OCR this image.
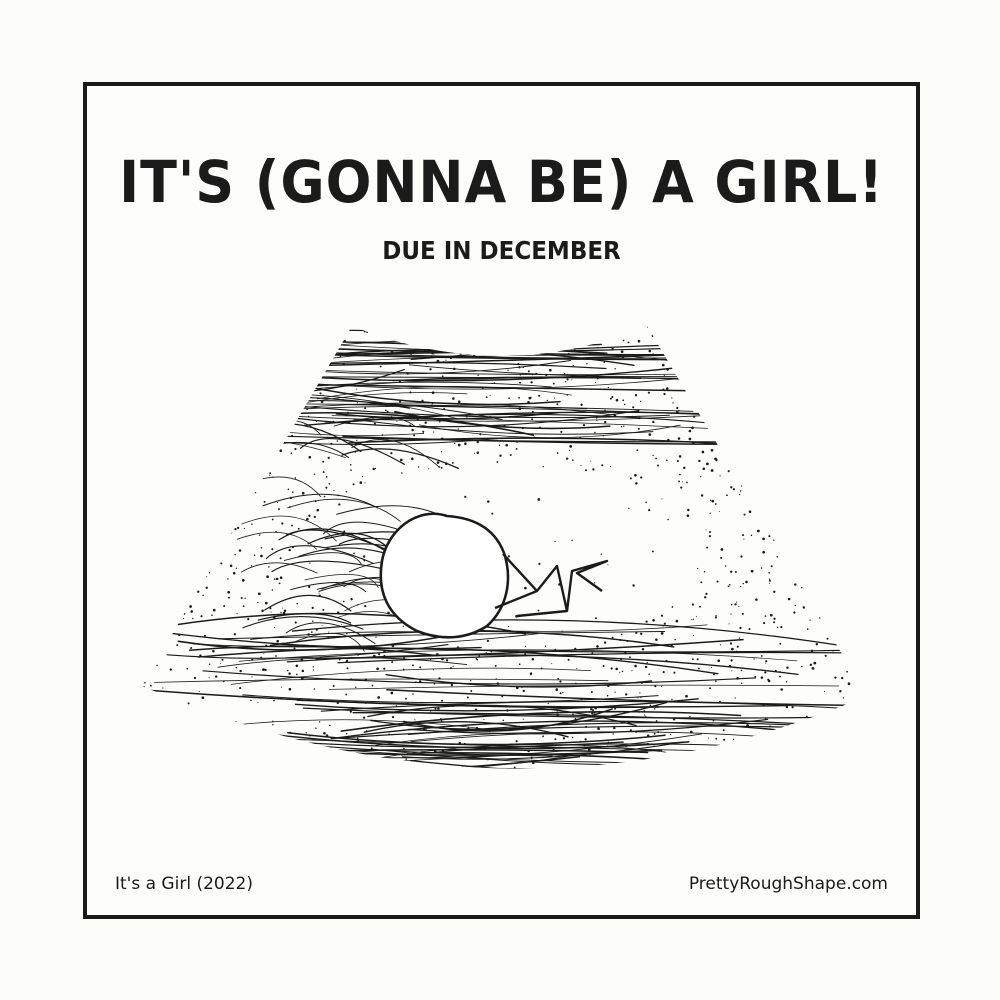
IT'S (GONNA BE) A GIRL!
DUE IN DECEMBER
It's a Girl (2022)	PrettyRoughShape.com
